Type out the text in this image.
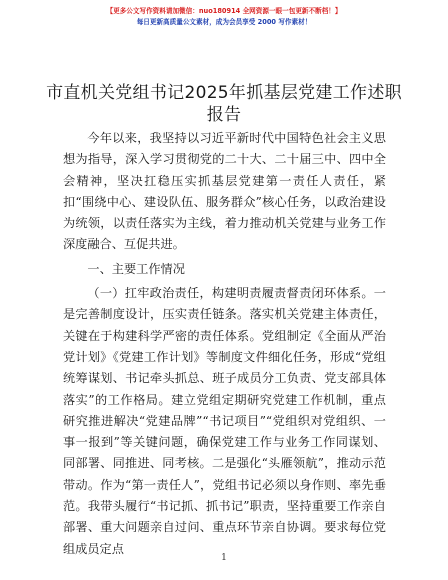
【更多公文写作资料请加微信：nuo180914 全网资源一眼一包更新不断档！】
每日更新高质量公文素材，成为会员享受 2000 写作素材！
市直机关党组书记2025年抓基层党建工作述职
报告

今年以来，我坚持以习近平新时代中国特色社会主义思想为指导，深入学习贯彻党的二十大、二十届三中、四中全会精神，坚决扛稳压实抓基层党建第一责任人责任，紧扣“围绕中心、建设队伍、服务群众”核心任务，以政治建设为统领，以责任落实为主线，着力推动机关党建与业务工作深度融合、互促共进。

一、主要工作情况

（一）扛牢政治责任，构建明责履责督责闭环体系。一是完善制度设计，压实责任链条。落实机关党建主体责任，关键在于构建科学严密的责任体系。党组制定《全面从严治党计划》《党建工作计划》等制度文件细化任务，形成“党组统筹谋划、书记牵头抓总、班子成员分工负责、党支部具体落实”的工作格局。建立党组定期研究党建工作机制，重点研究推进解决“党建品牌”“书记项目”“党组织对党组织、一事一报到”等关键问题，确保党建工作与业务工作同谋划、同部署、同推进、同考核。二是强化“头雁领航”，推动示范带动。作为“第一责任人”，党组书记必须以身作则、率先垂范。我带头履行“书记抓、抓书记”职责，坚持重要工作亲自部署、重大问题亲自过问、重点环节亲自协调。要求每位党组成员定点

1
